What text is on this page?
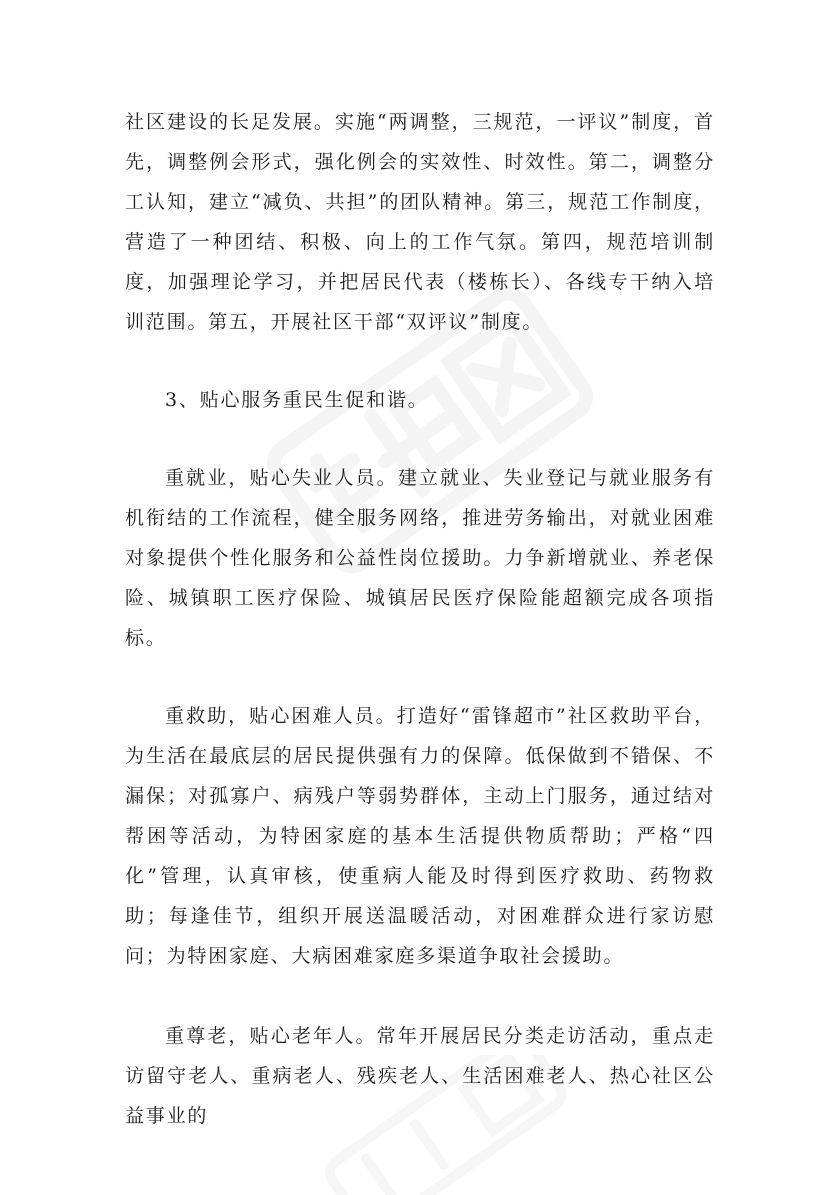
社区建设的长足发展。实施“两调整，三规范，一评议”制度，首先，调整例会形式，强化例会的实效性、时效性。第二，调整分工认知，建立“减负、共担”的团队精神。第三，规范工作制度，营造了一种团结、积极、向上的工作气氛。第四，规范培训制度，加强理论学习，并把居民代表（楼栋长）、各线专干纳入培训范围。第五，开展社区干部“双评议”制度。

3、贴心服务重民生促和谐。

重就业，贴心失业人员。建立就业、失业登记与就业服务有机衔结的工作流程，健全服务网络，推进劳务输出，对就业困难对象提供个性化服务和公益性岗位援助。力争新增就业、养老保险、城镇职工医疗保险、城镇居民医疗保险能超额完成各项指标。

重救助，贴心困难人员。打造好“雷锋超市”社区救助平台，为生活在最底层的居民提供强有力的保障。低保做到不错保、不漏保；对孤寡户、病残户等弱势群体，主动上门服务，通过结对帮困等活动，为特困家庭的基本生活提供物质帮助；严格“四化”管理，认真审核，使重病人能及时得到医疗救助、药物救助；每逢佳节，组织开展送温暖活动，对困难群众进行家访慰问；为特困家庭、大病困难家庭多渠道争取社会援助。

重尊老，贴心老年人。常年开展居民分类走访活动，重点走访留守老人、重病老人、残疾老人、生活困难老人、热心社区公益事业的
